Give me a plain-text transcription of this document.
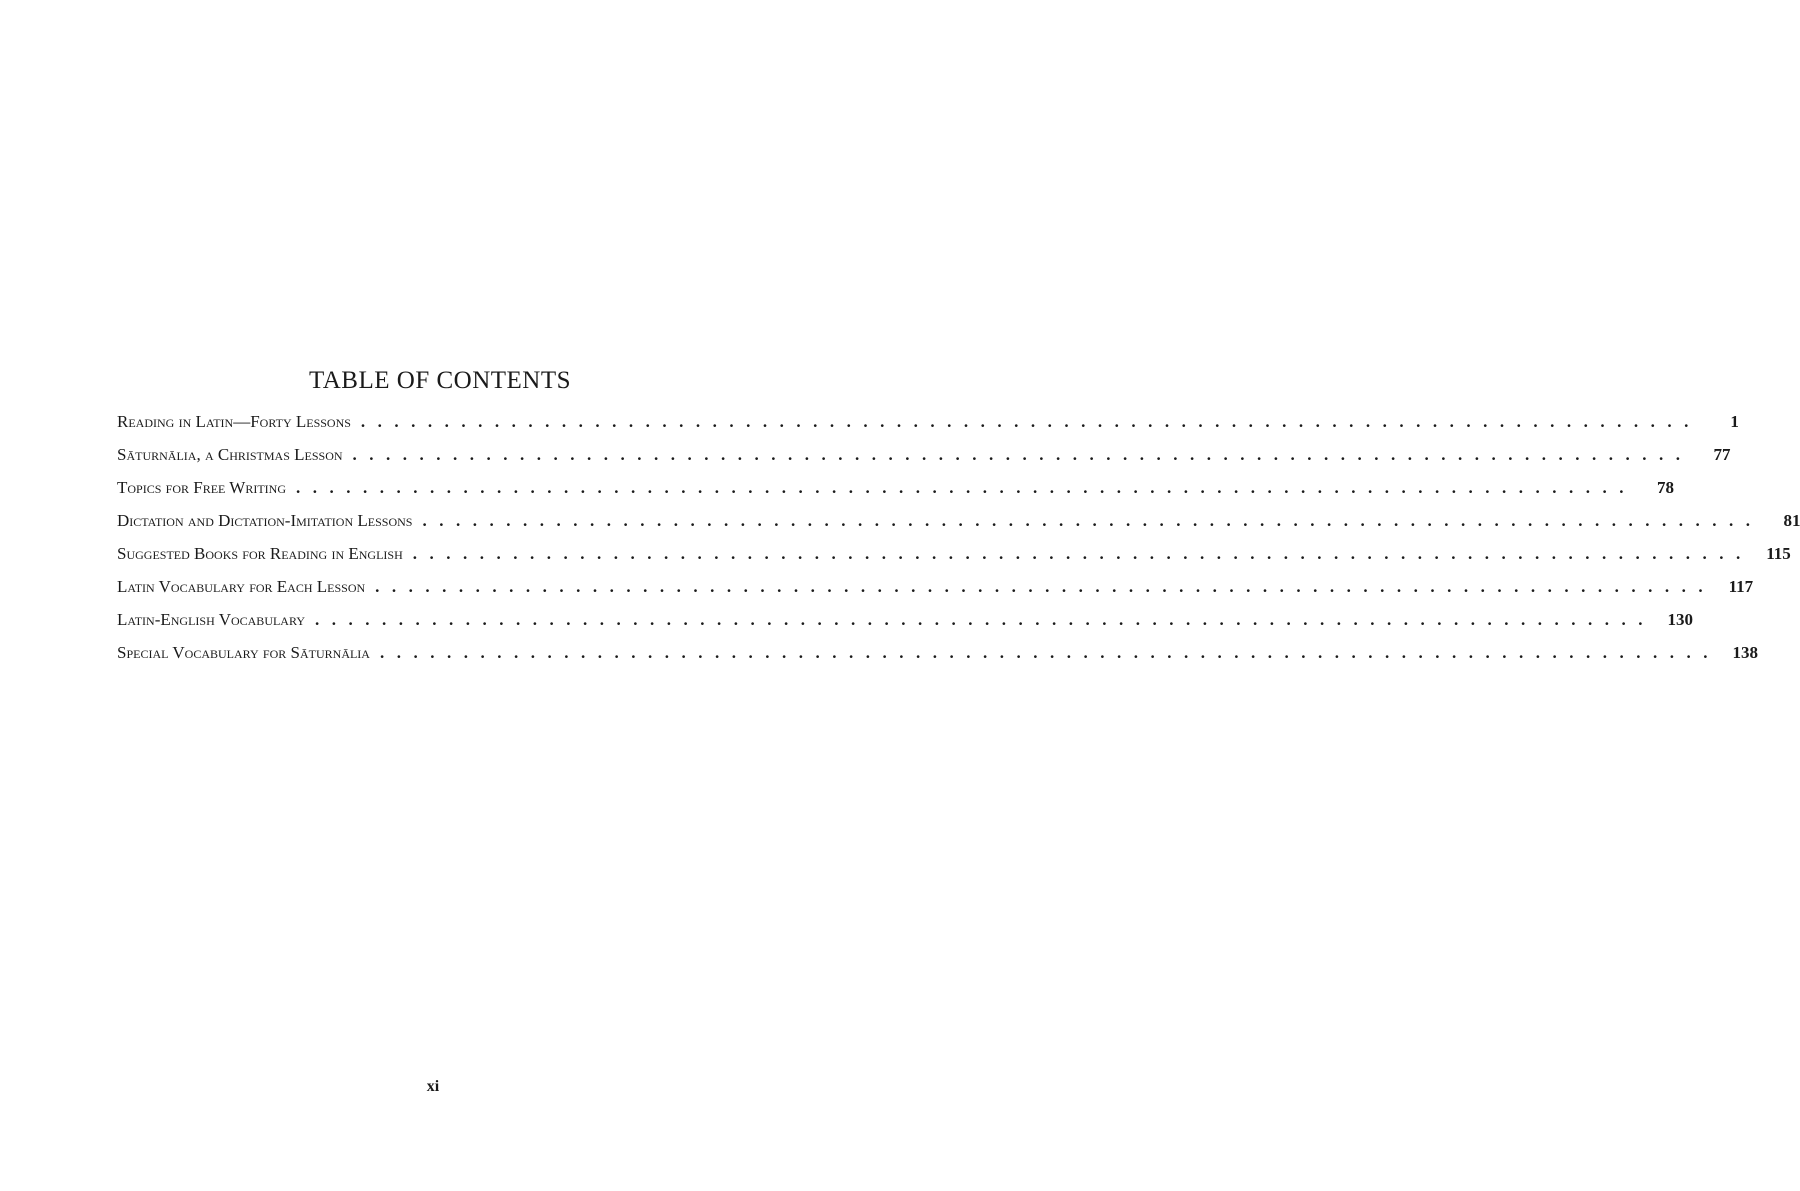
TABLE OF CONTENTS
Reading in Latin—Forty Lessons ................................................................................	1
Sāturnālia, a Christmas Lesson ................................................................................	77
Topics for Free Writing ................................................................................	78
Dictation and Dictation-Imitation Lessons ................................................................................	81
Suggested Books for Reading in English ................................................................................ 115
Latin Vocabulary for Each Lesson ................................................................................ 117
Latin-English Vocabulary ................................................................................ 130
Special Vocabulary for Sāturnālia ................................................................................ 138
xi
